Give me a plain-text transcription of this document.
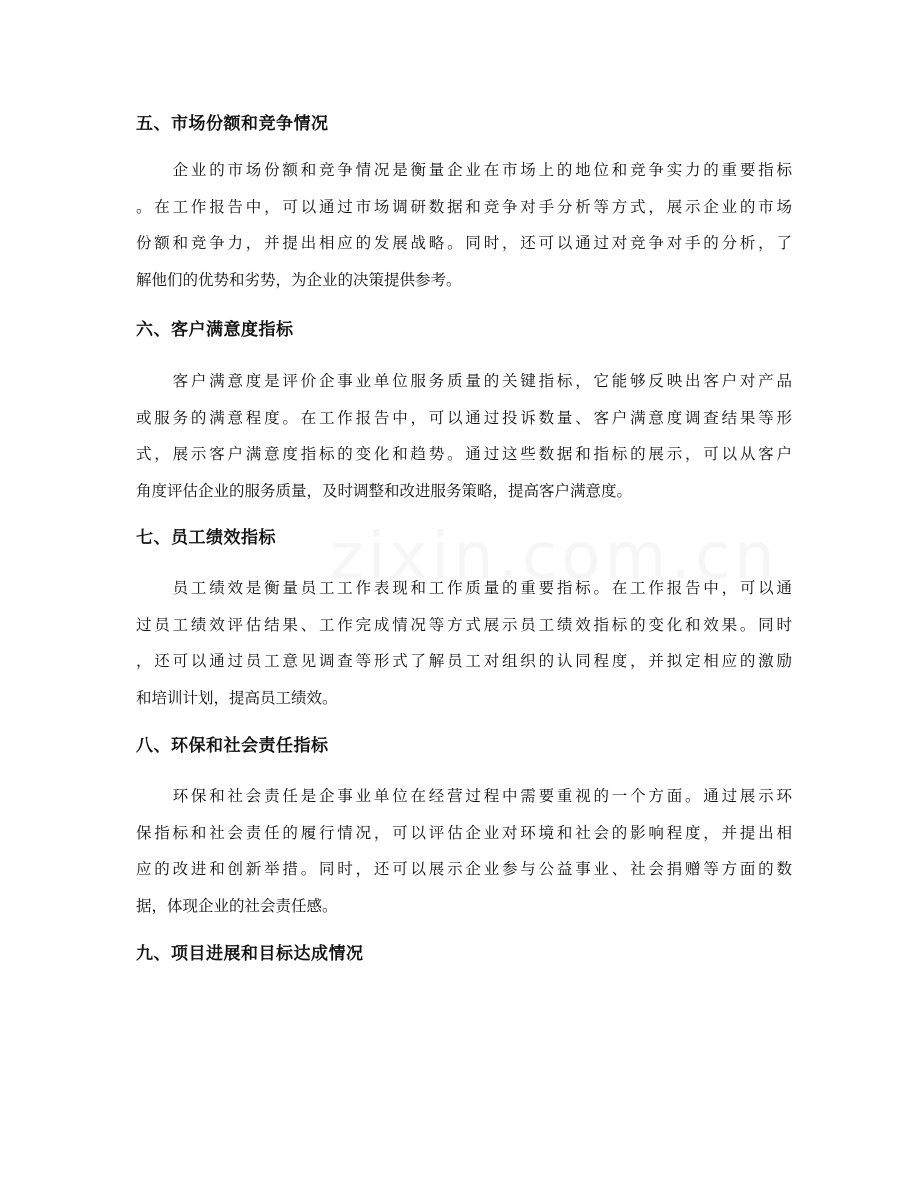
五、市场份额和竞争情况
　　企业的市场份额和竞争情况是衡量企业在市场上的地位和竞争实力的重要指标
。在工作报告中，可以通过市场调研数据和竞争对手分析等方式，展示企业的市场
份额和竞争力，并提出相应的发展战略。同时，还可以通过对竞争对手的分析，了
解他们的优势和劣势，为企业的决策提供参考。
六、客户满意度指标
　　客户满意度是评价企事业单位服务质量的关键指标，它能够反映出客户对产品
或服务的满意程度。在工作报告中，可以通过投诉数量、客户满意度调查结果等形
式，展示客户满意度指标的变化和趋势。通过这些数据和指标的展示，可以从客户
角度评估企业的服务质量，及时调整和改进服务策略，提高客户满意度。
七、员工绩效指标
　　员工绩效是衡量员工工作表现和工作质量的重要指标。在工作报告中，可以通
过员工绩效评估结果、工作完成情况等方式展示员工绩效指标的变化和效果。同时
，还可以通过员工意见调查等形式了解员工对组织的认同程度，并拟定相应的激励
和培训计划，提高员工绩效。
八、环保和社会责任指标
　　环保和社会责任是企事业单位在经营过程中需要重视的一个方面。通过展示环
保指标和社会责任的履行情况，可以评估企业对环境和社会的影响程度，并提出相
应的改进和创新举措。同时，还可以展示企业参与公益事业、社会捐赠等方面的数
据，体现企业的社会责任感。
九、项目进展和目标达成情况
